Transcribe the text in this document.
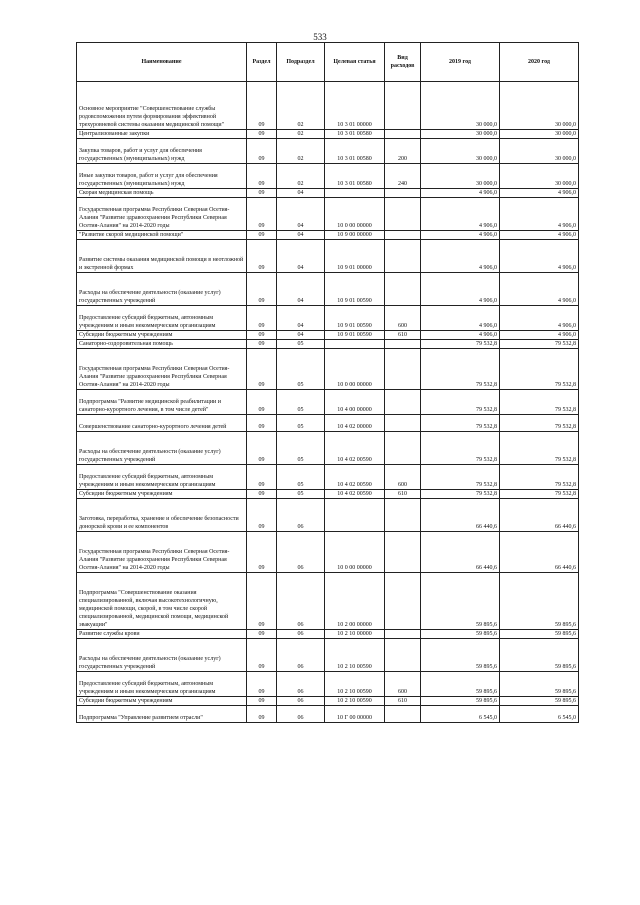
533
Наименование	Раздел	Подраздел	Целевая статья	Вид расходов	2019 год	2020 год
Основное мероприятие "Совершенствование службы родовспоможения путем формирования эффективной трехуровневой системы оказания медицинской помощи"	09	02	10 3 01 00000		30 000,0	30 000,0
Централизованные закупки	09	02	10 3 01 00580		30 000,0	30 000,0
Закупка товаров, работ и услуг для обеспечения государственных (муниципальных) нужд	09	02	10 3 01 00580	200	30 000,0	30 000,0
Иные закупки товаров, работ и услуг для обеспечения государственных (муниципальных) нужд	09	02	10 3 01 00580	240	30 000,0	30 000,0
Скорая медицинская помощь	09	04			4 906,0	4 906,0
Государственная программа Республики Северная Осетия-Алания "Развитие здравоохранения Республики Северная Осетия-Алания" на 2014-2020 годы	09	04	10 0 00 00000		4 906,0	4 906,0
"Развитие скорой медицинской помощи"	09	04	10 9 00 00000		4 906,0	4 906,0
Развитие системы оказания медицинской помощи в неотложной и экстренной формах	09	04	10 9 01 00000		4 906,0	4 906,0
Расходы на обеспечение деятельности (оказание услуг) государственных учреждений	09	04	10 9 01 00590		4 906,0	4 906,0
Предоставление субсидий бюджетным, автономным учреждениям и иным некоммерческим организациям	09	04	10 9 01 00590	600	4 906,0	4 906,0
Субсидии бюджетным учреждениям	09	04	10 9 01 00590	610	4 906,0	4 906,0
Санаторно-оздоровительная помощь	09	05			79 532,8	79 532,8
Государственная программа Республики Северная Осетия-Алания "Развитие здравоохранения Республики Северная Осетия-Алания" на 2014-2020 годы	09	05	10 0 00 00000		79 532,8	79 532,8
Подпрограмма "Развитие медицинской реабилитации и санаторно-курортного лечения, в том числе детей"	09	05	10 4 00 00000		79 532,8	79 532,8
Совершенствование санаторно-курортного лечения детей	09	05	10 4 02 00000		79 532,8	79 532,8
Расходы на обеспечение деятельности (оказание услуг) государственных учреждений	09	05	10 4 02 00590		79 532,8	79 532,8
Предоставление субсидий бюджетным, автономным учреждениям и иным некоммерческим организациям	09	05	10 4 02 00590	600	79 532,8	79 532,8
Субсидии бюджетным учреждениям	09	05	10 4 02 00590	610	79 532,8	79 532,8
Заготовка, переработка, хранение и обеспечение безопасности донорской крови и ее компонентов	09	06			66 440,6	66 440,6
Государственная программа Республики Северная Осетия-Алания "Развитие здравоохранения Республики Северная Осетия-Алания" на 2014-2020 годы	09	06	10 0 00 00000		66 440,6	66 440,6
Подпрограмма "Совершенствование оказания специализированной, включая высокотехнологичную, медицинской помощи, скорой, в том числе скорой специализированной, медицинской помощи, медицинской эвакуации"	09	06	10 2 00 00000		59 895,6	59 895,6
Развитие службы крови	09	06	10 2 10 00000		59 895,6	59 895,6
Расходы на обеспечение деятельности (оказание услуг) государственных учреждений	09	06	10 2 10 00590		59 895,6	59 895,6
Предоставление субсидий бюджетным, автономным учреждениям и иным некоммерческим организациям	09	06	10 2 10 00590	600	59 895,6	59 895,6
Субсидии бюджетным учреждениям	09	06	10 2 10 00590	610	59 895,6	59 895,6
Подпрограмма "Управление развитием отрасли"	09	06	10 Г 00 00000		6 545,0	6 545,0
